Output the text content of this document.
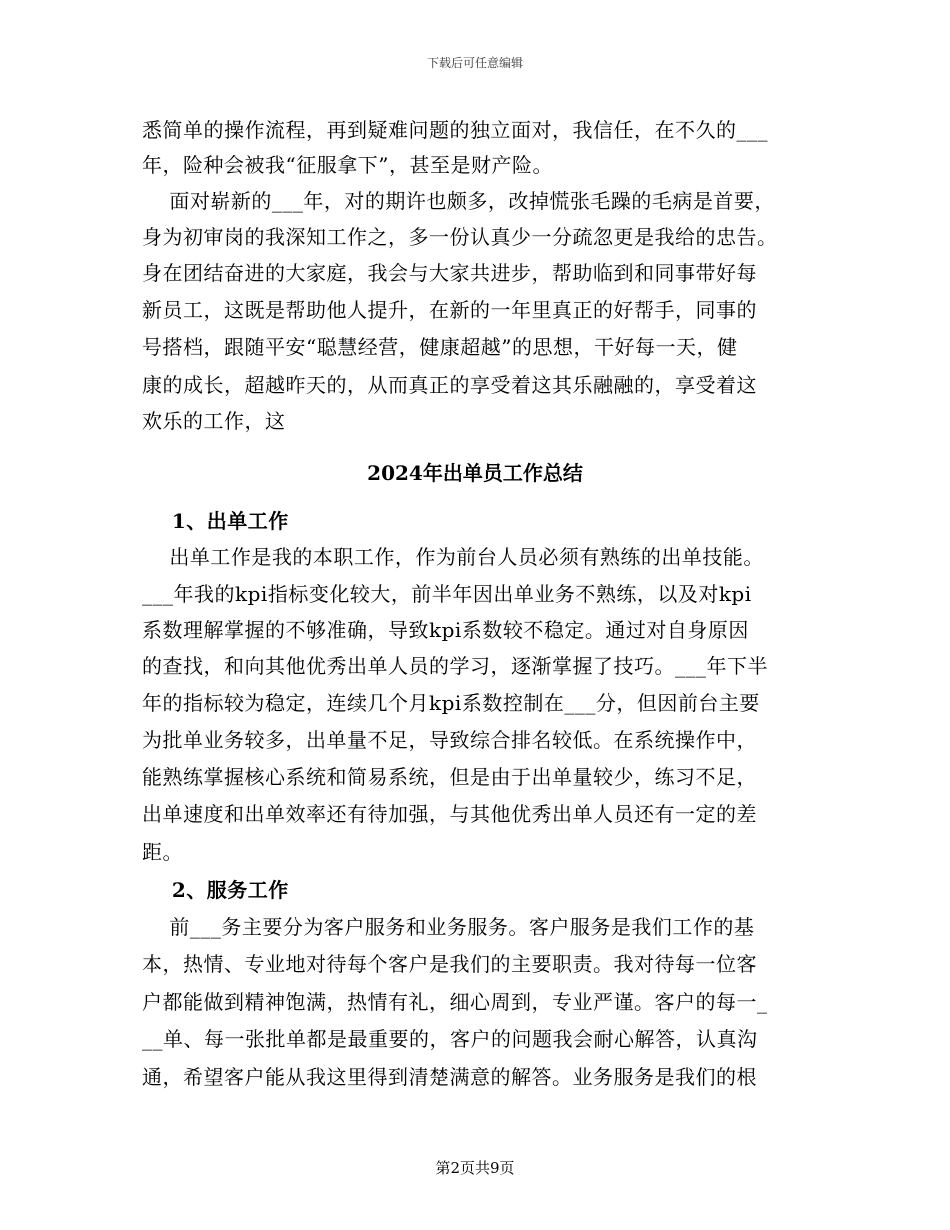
下载后可任意编辑
悉简单的操作流程，再到疑难问题的独立面对，我信任，在不久的___
年，险种会被我“征服拿下”，甚至是财产险。
面对崭新的___年，对的期许也颇多，改掉慌张毛躁的毛病是首要，
身为初审岗的我深知工作之，多一份认真少一分疏忽更是我给的忠告。
身在团结奋进的大家庭，我会与大家共进步，帮助临到和同事带好每
新员工，这既是帮助他人提升，在新的一年里真正的好帮手，同事的
号搭档，跟随平安“聪慧经营，健康超越”的思想，干好每一天，健
康的成长，超越昨天的，从而真正的享受着这其乐融融的，享受着这
欢乐的工作，这
2024年出单员工作总结
1、出单工作
出单工作是我的本职工作，作为前台人员必须有熟练的出单技能。
___年我的kpi指标变化较大，前半年因出单业务不熟练，以及对kpi
系数理解掌握的不够准确，导致kpi系数较不稳定。通过对自身原因
的查找，和向其他优秀出单人员的学习，逐渐掌握了技巧。___年下半
年的指标较为稳定，连续几个月kpi系数控制在___分，但因前台主要
为批单业务较多，出单量不足，导致综合排名较低。在系统操作中，
能熟练掌握核心系统和简易系统，但是由于出单量较少，练习不足，
出单速度和出单效率还有待加强，与其他优秀出单人员还有一定的差
距。
2、服务工作
前___务主要分为客户服务和业务服务。客户服务是我们工作的基
本，热情、专业地对待每个客户是我们的主要职责。我对待每一位客
户都能做到精神饱满，热情有礼，细心周到，专业严谨。客户的每一_
__单、每一张批单都是最重要的，客户的问题我会耐心解答，认真沟
通，希望客户能从我这里得到清楚满意的解答。业务服务是我们的根
第2页共9页
